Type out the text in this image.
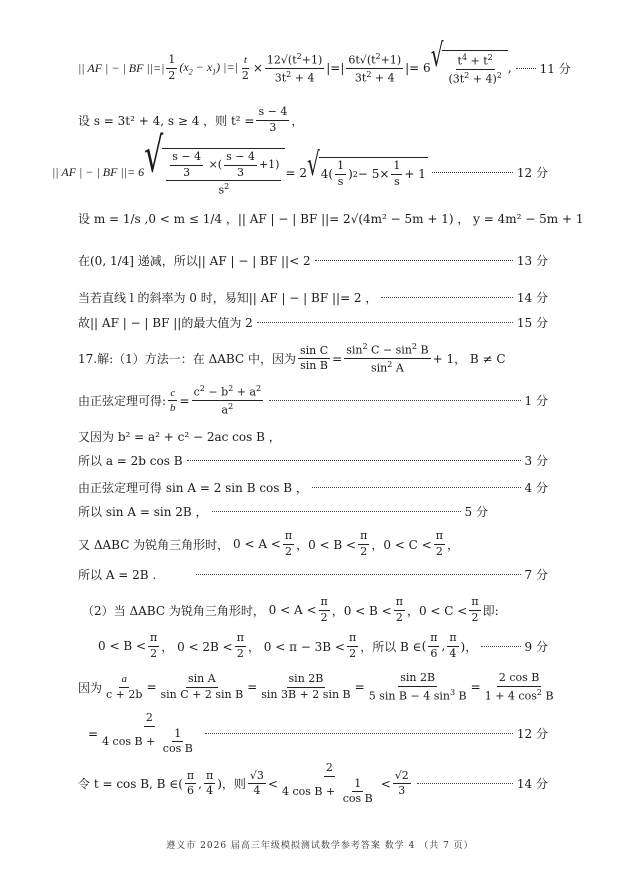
|| AF | − | BF ||=| $\frac{1}{2} (x_2 - x_1)$ |=| $\frac{t}{2} \times \frac{12√(t^2+1)}{3t^2 + 4}$ |=| $\frac{6t√(t^2+1)}{3t^2 + 4}$ |= 6 √ $\frac{t^4 + t^2}{(3t^2 + 4)^2}$ , 11 分
设 s = 3t² + 4, s ≥ 4 ，则 $t^2 = \frac{s - 4}{3}$ ，
|| AF | − | BF ||= 6 √ $\frac{\frac{s - 4}{3} \times( \frac{s - 4}{3} +1)}{s^2} = 2$ √ $4( \frac{1}{s}$ ) $2 - 5\times \frac{1}{s} + 1$	12 分
设 m = 1/s ,0 < m ≤ 1/4 ，|| AF | − | BF ||= 2√(4m² − 5m + 1) ， y = 4m² − 5m + 1
在(0, 1/4] 递减，所以|| AF | − | BF ||< 2	13 分
当若直线 l 的斜率为 0 时，易知|| AF | − | BF ||= 2 ，	14 分
故|| AF | − | BF ||的最大值为 2	15 分
17.解:（1）方法一：在 ΔABC 中，因为 $\frac{\text{sin C}}{\text{sin B}} = \frac{\sin^2 C - \sin^2 B}{\sin^2 A} + 1$ ， B ≠ C
由正弦定理可得: $\frac{c}{b} = \frac{c^2 - b^2 + a^2}{a^2}$	1 分
又因为 b² = a² + c² − 2ac cos B ，
所以 a = 2b cos B	3 分
由正弦定理可得 sin A = 2 sin B cos B ，	4 分
所以 sin A = sin 2B ，	5 分
又 ΔABC 为锐角三角形时， $0 < A < \frac{\pi}{2}$ ，$0 < B < \frac{\pi}{2}$ ，$0 < C < \frac{\pi}{2}$ ，
所以 A = 2B .	7 分
（2）当 ΔABC 为锐角三角形时， $0 < A < \frac{\pi}{2}$ ，$0 < B < \frac{\pi}{2}$ ，$0 < C < \frac{\pi}{2}$ 即:
$0 < B < \frac{\pi}{2}$ ， $0 < 2B < \frac{\pi}{2}$ ， $0 < \pi - 3B < \frac{\pi}{2}$ ，所以 B ∈ ( $\frac{\pi}{6}$ , $\frac{\pi}{4}$ )，	9 分
因为 $\frac{a}{c + 2b} = \frac{\text{sin A}}{\text{sin C + 2 sin B}} = \frac{\sin 2B}{\text{sin 3B + 2 sin B}} = \frac{\sin 2B}{5 \sin B - 4 \sin^3 B} = \frac{\text{2 cos B}}{1 + 4 \cos^2 B}$
= $\frac{2}{4 \cos B + \frac{1}{\text{cos B}}}$	12 分
令 t = cos B, B ∈ ( $\frac{\pi}{6}$ , $\frac{\pi}{4}$ ) ，则 $\frac{√3}{4} < \frac{2}{4 \cos B + \frac{1}{\text{cos B}}} < \frac{√2}{3}$	14 分
遵义市 2026 届高三年级模拟测试数学参考答案 数学 4 （共 7 页）
